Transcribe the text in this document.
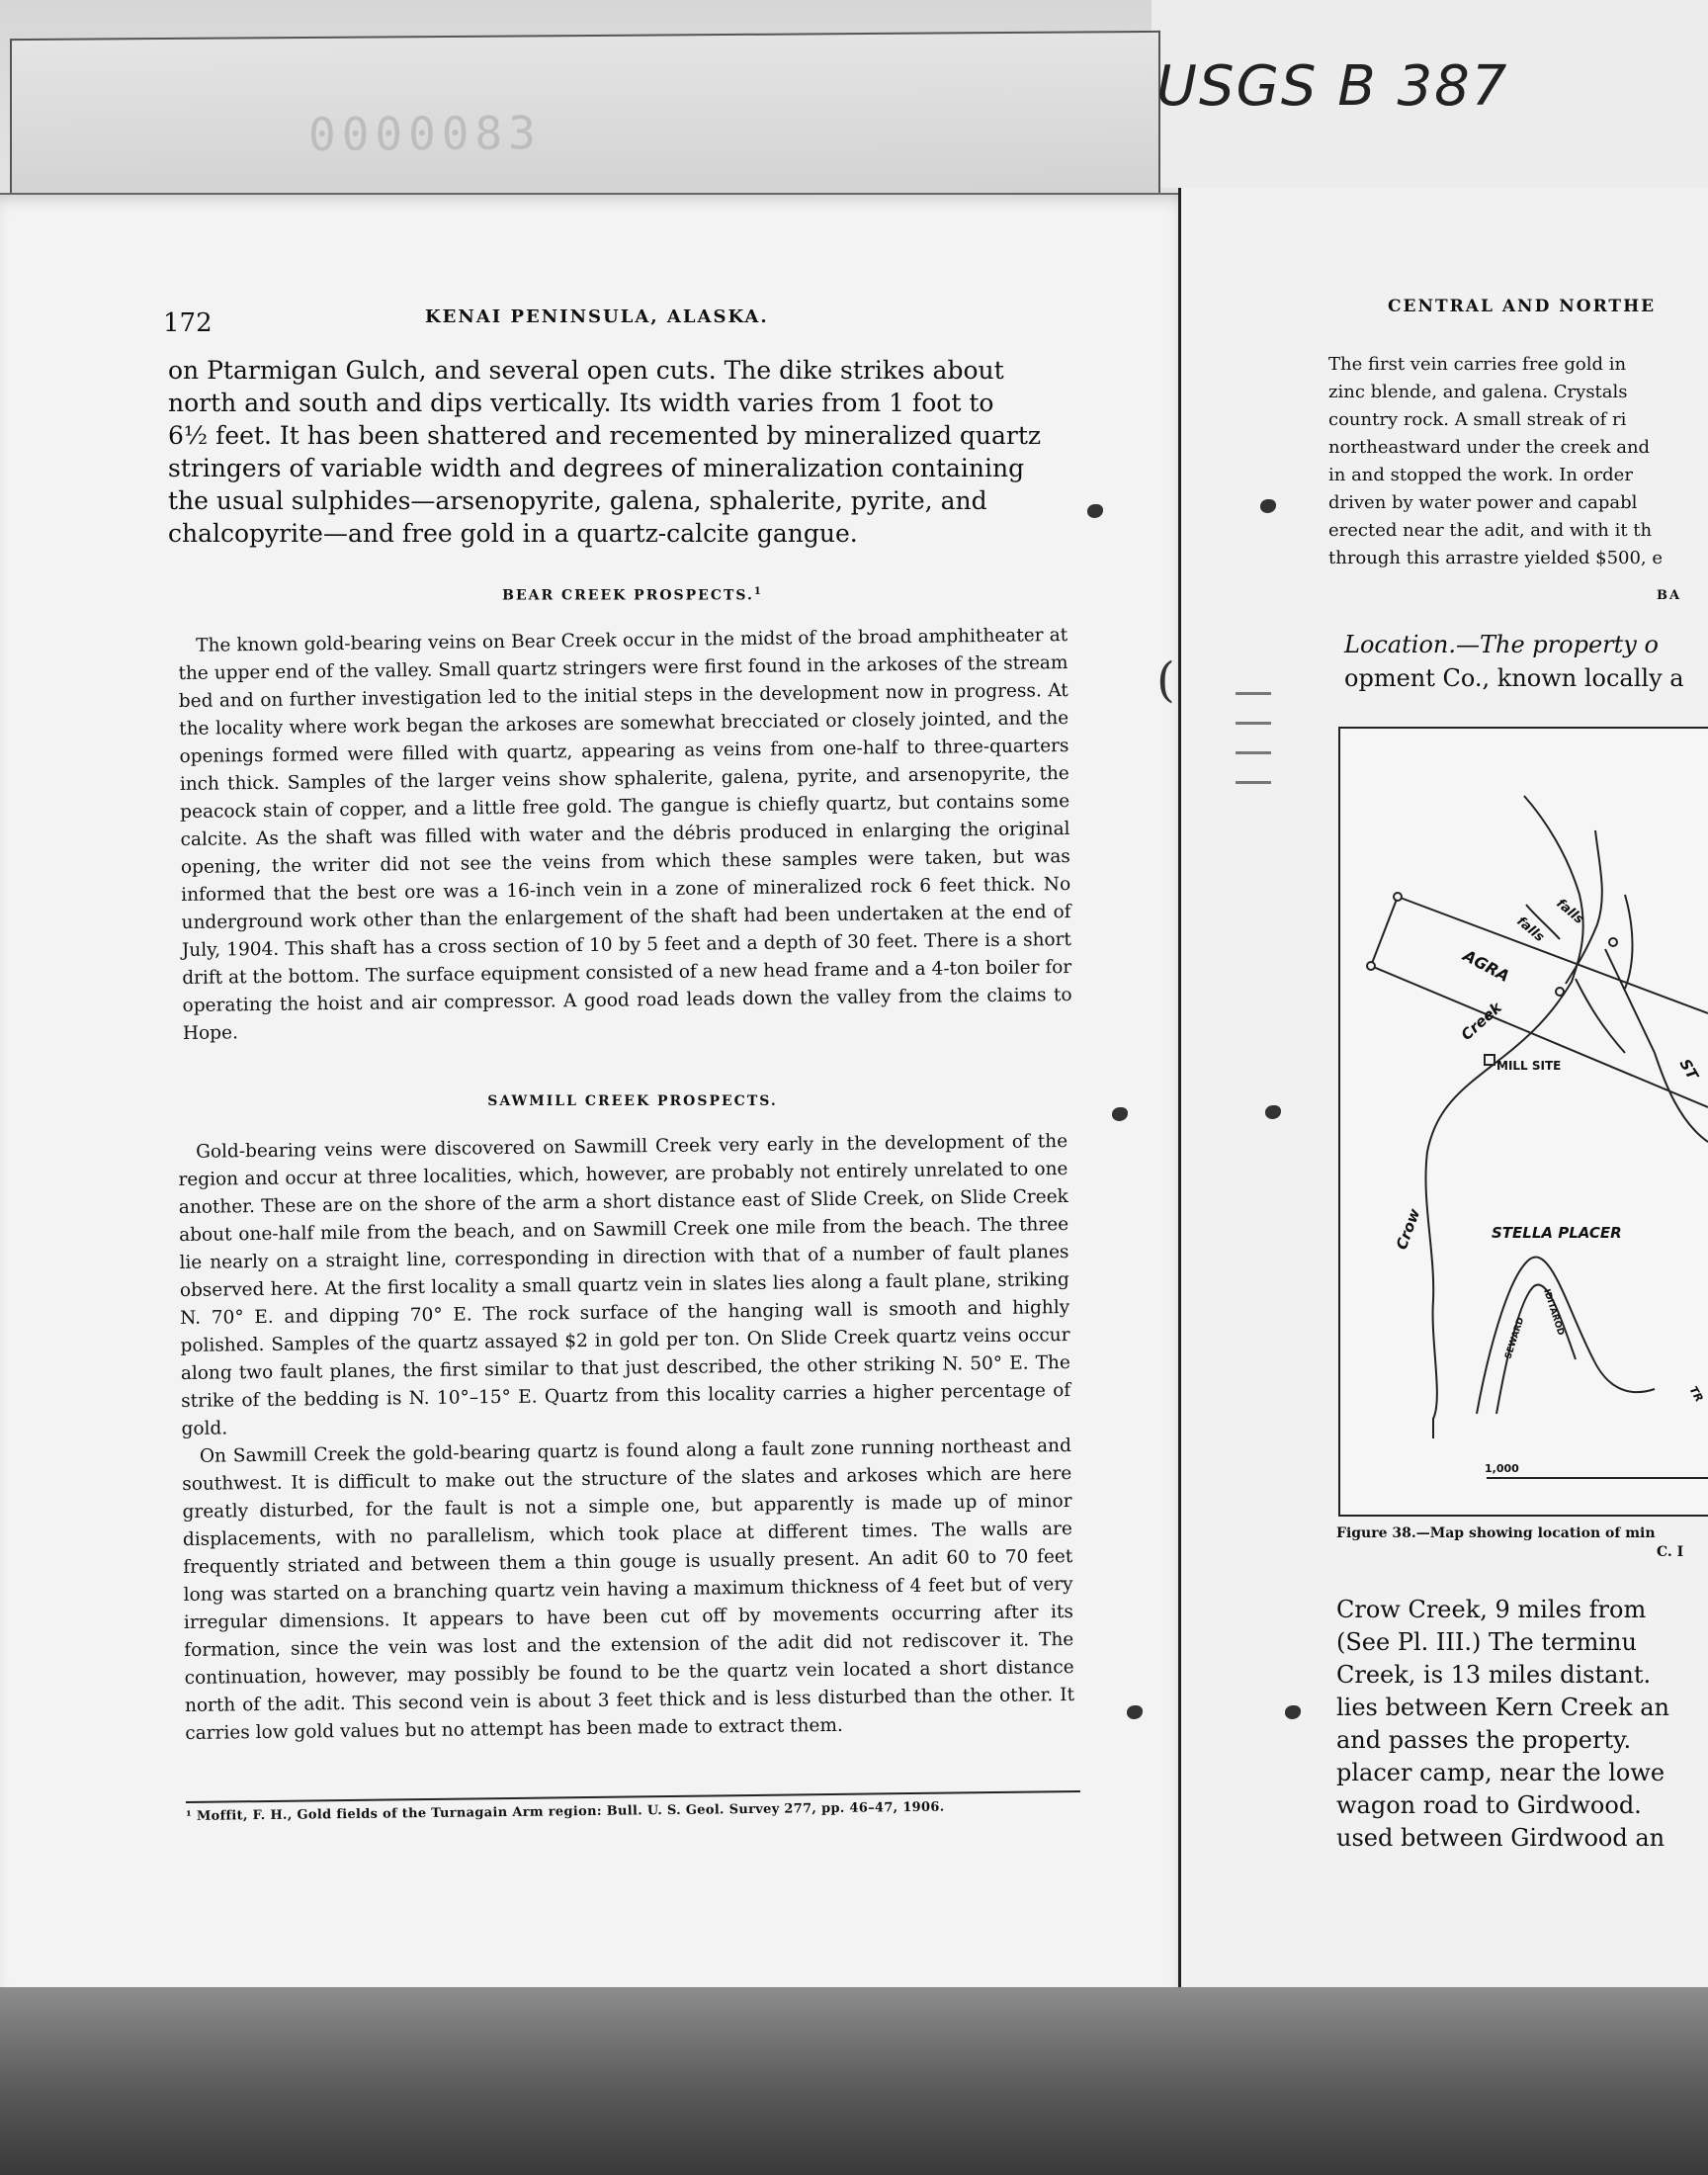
0000083
USGS B 387
172	KENAI PENINSULA, ALASKA.

on Ptarmigan Gulch, and several open cuts. The dike strikes about

north and south and dips vertically. Its width varies from 1 foot to

6½ feet. It has been shattered and recemented by mineralized quartz

stringers of variable width and degrees of mineralization containing

the usual sulphides—arsenopyrite, galena, sphalerite, pyrite, and

chalcopyrite—and free gold in a quartz-calcite gangue.

BEAR CREEK PROSPECTS.$^1$

The known gold-bearing veins on Bear Creek occur in the midst of the broad amphitheater at the upper end of the valley. Small quartz stringers were first found in the arkoses of the stream bed and on further investigation led to the initial steps in the development now in progress. At the locality where work began the arkoses are somewhat brecciated or closely jointed, and the openings formed were filled with quartz, appearing as veins from one-half to three-quarters inch thick. Samples of the larger veins show sphalerite, galena, pyrite, and arsenopyrite, the peacock stain of copper, and a little free gold. The gangue is chiefly quartz, but contains some calcite. As the shaft was filled with water and the débris produced in enlarging the original opening, the writer did not see the veins from which these samples were taken, but was informed that the best ore was a 16-inch vein in a zone of mineralized rock 6 feet thick. No underground work other than the enlargement of the shaft had been undertaken at the end of July, 1904. This shaft has a cross section of 10 by 5 feet and a depth of 30 feet. There is a short drift at the bottom. The surface equipment consisted of a new head frame and a 4-ton boiler for operating the hoist and air compressor. A good road leads down the valley from the claims to Hope.

SAWMILL CREEK PROSPECTS.

Gold-bearing veins were discovered on Sawmill Creek very early in the development of the region and occur at three localities, which, however, are probably not entirely unrelated to one another. These are on the shore of the arm a short distance east of Slide Creek, on Slide Creek about one-half mile from the beach, and on Sawmill Creek one mile from the beach. The three lie nearly on a straight line, corresponding in direction with that of a number of fault planes observed here. At the first locality a small quartz vein in slates lies along a fault plane, striking N. 70° E. and dipping 70° E. The rock surface of the hanging wall is smooth and highly polished. Samples of the quartz assayed $2 in gold per ton. On Slide Creek quartz veins occur along two fault planes, the first similar to that just described, the other striking N. 50° E. The strike of the bedding is N. 10°–15° E. Quartz from this locality carries a higher percentage of gold.

On Sawmill Creek the gold-bearing quartz is found along a fault zone running northeast and southwest. It is difficult to make out the structure of the slates and arkoses which are here greatly disturbed, for the fault is not a simple one, but apparently is made up of minor displacements, with no parallelism, which took place at different times. The walls are frequently striated and between them a thin gouge is usually present. An adit 60 to 70 feet long was started on a branching quartz vein having a maximum thickness of 4 feet but of very irregular dimensions. It appears to have been cut off by movements occurring after its formation, since the vein was lost and the extension of the adit did not rediscover it. The continuation, however, may possibly be found to be the quartz vein located a short distance north of the adit. This second vein is about 3 feet thick and is less disturbed than the other. It carries low gold values but no attempt has been made to extract them.

¹ Moffit, F. H., Gold fields of the Turnagain Arm region: Bull. U. S. Geol. Survey 277, pp. 46–47, 1906.
(
CENTRAL AND NORTHE
The first vein carries free gold in
zinc blende, and galena. Crystals
country rock. A small streak of ri
northeastward under the creek and
in and stopped the work. In order
driven by water power and capabl
erected near the adit, and with it th
through this arrastre yielded $500, e
BA
Location.—The property o
opment Co., known locally a
AGRA
falls
falls
Creek
Crow
ST
TR
MILL SITE
STELLA PLACER
SEWARD
IDITAROD
1,000
Figure 38.—Map showing location of min
C. I
Crow Creek, 9 miles from
(See Pl. III.) The terminu
Creek, is 13 miles distant.
lies between Kern Creek an
and passes the property.
placer camp, near the lowe
wagon road to Girdwood.
used between Girdwood an
